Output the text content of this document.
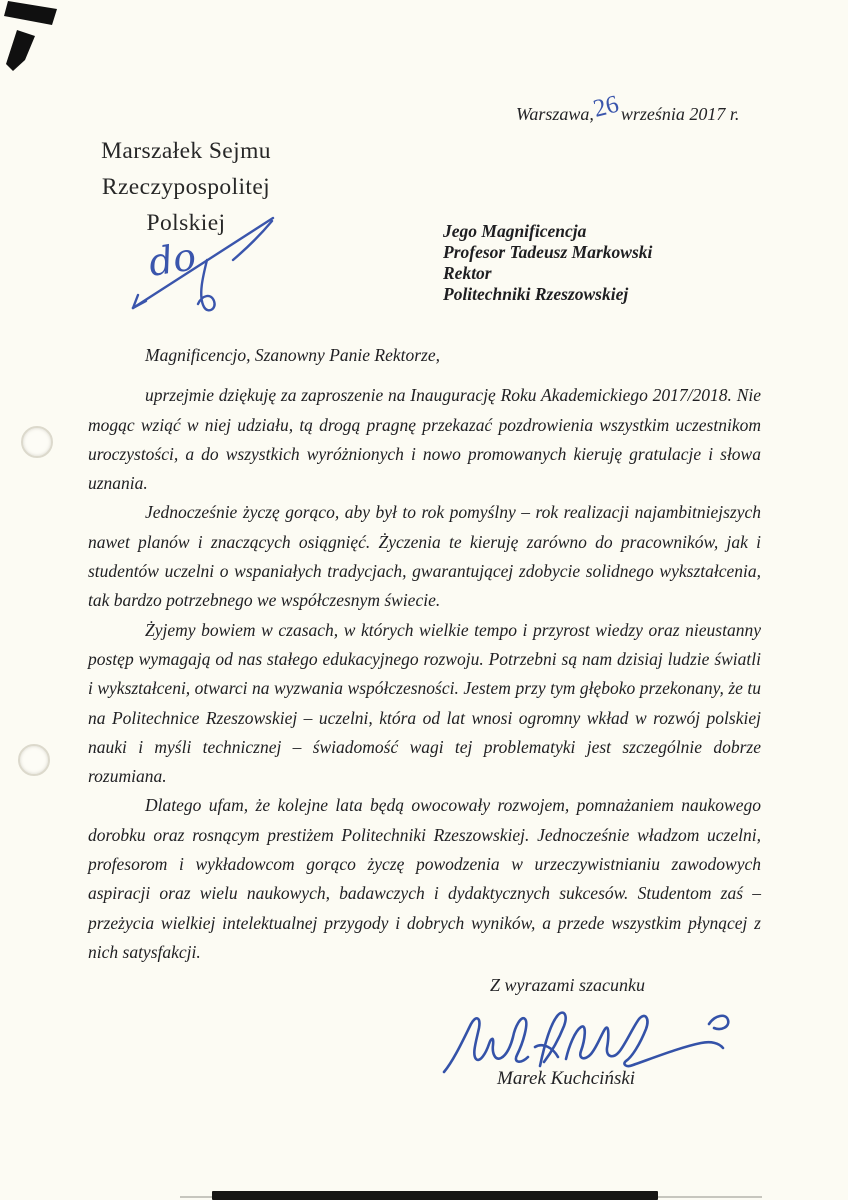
Warszawa,26września 2017 r.
Marszałek Sejmu
Rzeczypospolitej Polskiej
do
Jego Magnificencja
Profesor Tadeusz Markowski
Rektor
Politechniki Rzeszowskiej

Magnificencjo, Szanowny Panie Rektorze,

uprzejmie dziękuję za zaproszenie na Inaugurację Roku Akademickiego 2017/2018. Nie mogąc wziąć w niej udziału, tą drogą pragnę przekazać pozdrowienia wszystkim uczestnikom uroczystości, a do wszystkich wyróżnionych i nowo promowanych kieruję gratulacje i słowa uznania.

Jednocześnie życzę gorąco, aby był to rok pomyślny – rok realizacji najambitniejszych nawet planów i znaczących osiągnięć. Życzenia te kieruję zarówno do pracowników, jak i studentów uczelni o wspaniałych tradycjach, gwarantującej zdobycie solidnego wykształcenia, tak bardzo potrzebnego we współczesnym świecie.

Żyjemy bowiem w czasach, w których wielkie tempo i przyrost wiedzy oraz nieustanny postęp wymagają od nas stałego edukacyjnego rozwoju. Potrzebni są nam dzisiaj ludzie światli i wykształceni, otwarci na wyzwania współczesności. Jestem przy tym głęboko przekonany, że tu na Politechnice Rzeszowskiej – uczelni, która od lat wnosi ogromny wkład w rozwój polskiej nauki i myśli technicznej – świadomość wagi tej problematyki jest szczególnie dobrze rozumiana.

Dlatego ufam, że kolejne lata będą owocowały rozwojem, pomnażaniem naukowego dorobku oraz rosnącym prestiżem Politechniki Rzeszowskiej. Jednocześnie władzom uczelni, profesorom i wykładowcom gorąco życzę powodzenia w urzeczywistnianiu zawodowych aspiracji oraz wielu naukowych, badawczych i dydaktycznych sukcesów. Studentom zaś – przeżycia wielkiej intelektualnej przygody i dobrych wyników, a przede wszystkim płynącej z nich satysfakcji.

Z wyrazami szacunku
Marek Kuchciński
